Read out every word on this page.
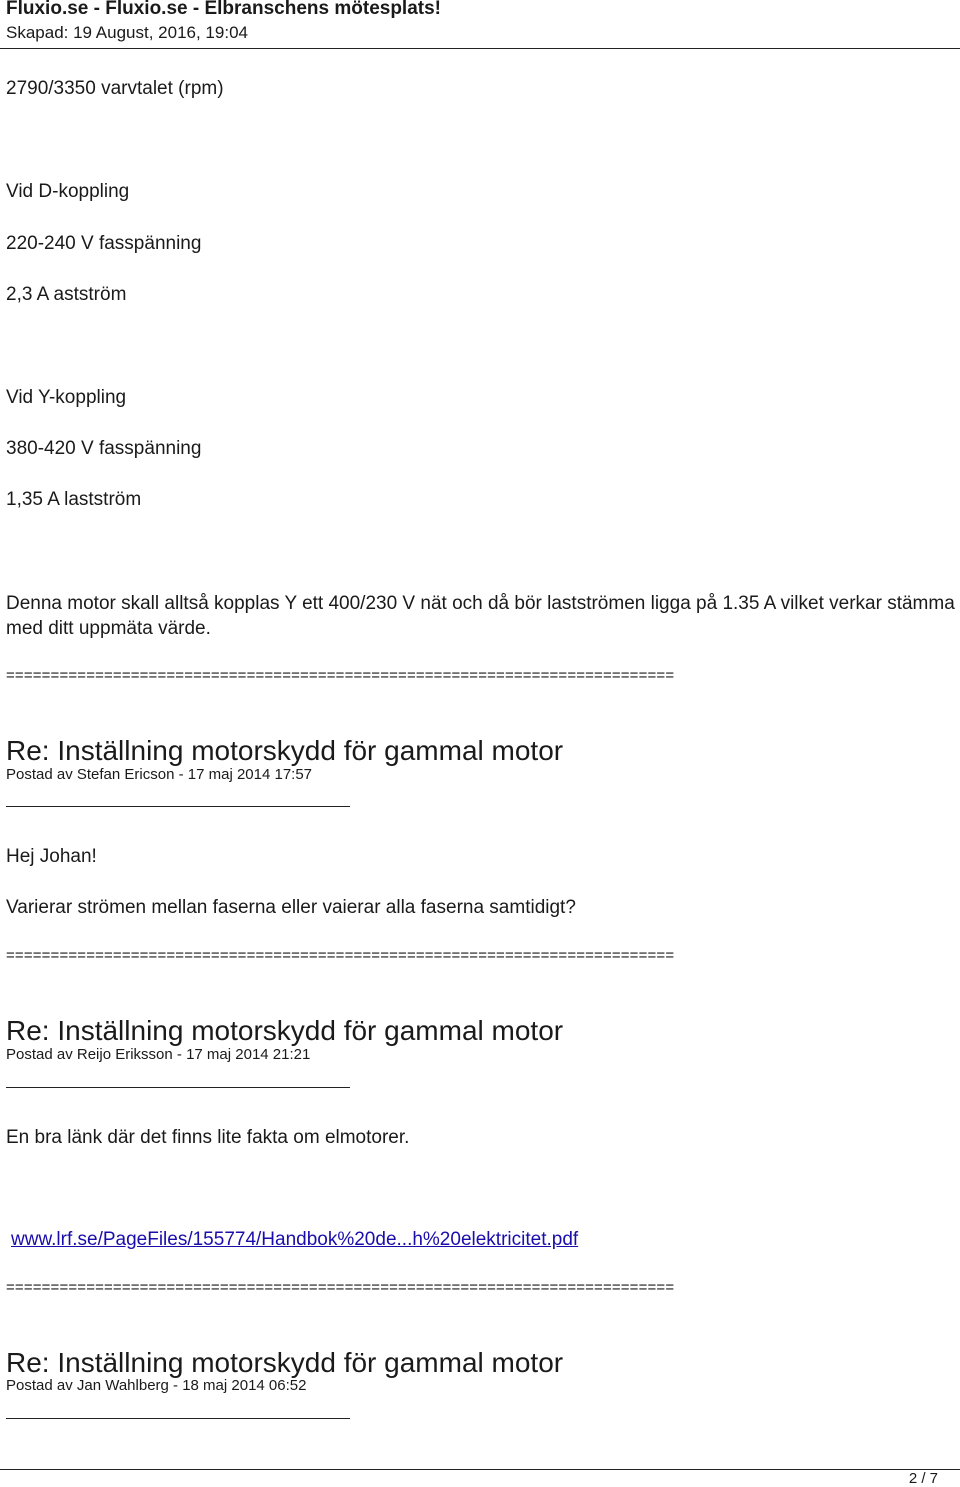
Fluxio.se - Fluxio.se - Elbranschens mötesplats!
Skapad: 19 August, 2016, 19:04
2790/3350 varvtalet (rpm)
Vid D-koppling
220-240 V fasspänning
2,3 A astström
Vid Y-koppling
380-420 V fasspänning
1,35 A lastström
Denna motor skall alltså kopplas Y ett 400/230 V nät och då bör lastströmen ligga på 1.35 A vilket verkar stämma med ditt uppmäta värde.
===========================================================================
Re: Inställning motorskydd för gammal motor
Postad av Stefan Ericson - 17 maj 2014 17:57
Hej Johan!
Varierar strömen mellan faserna eller vaierar alla faserna samtidigt?
===========================================================================
Re: Inställning motorskydd för gammal motor
Postad av Reijo Eriksson - 17 maj 2014 21:21
En bra länk där det finns lite fakta om elmotorer.
www.lrf.se/PageFiles/155774/Handbok%20de...h%20elektricitet.pdf
===========================================================================
Re: Inställning motorskydd för gammal motor
Postad av Jan Wahlberg - 18 maj 2014 06:52
2 / 7
